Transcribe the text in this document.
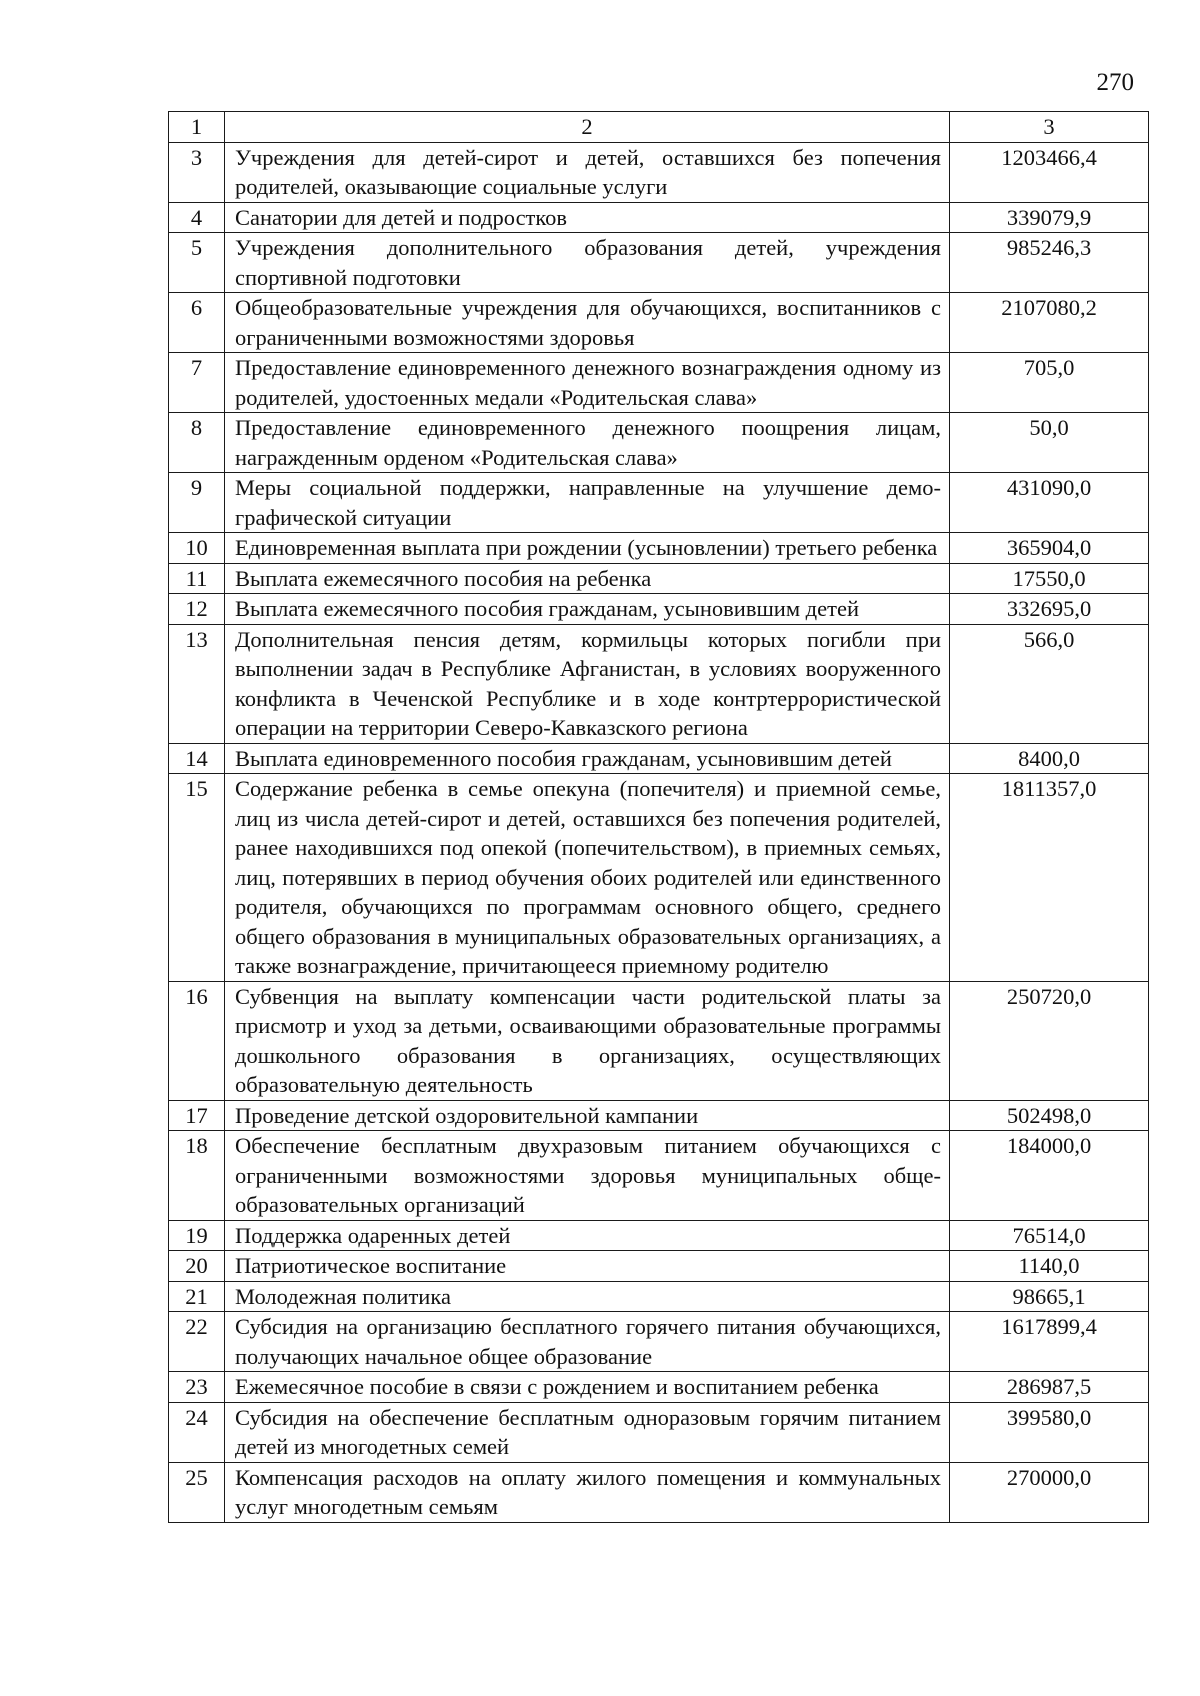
270
1	2	3
3	Учреждения для детей-сирот и детей, оставшихся без попечения родителей, оказывающие социальные услуги	1203466,4
4	Санатории для детей и подростков	339079,9
5	Учреждения дополнительного образования детей, учреждения спортивной подготовки	985246,3
6	Общеобразовательные учреждения для обучающихся, воспитанников с ограниченными возможностями здоровья	2107080,2
7	Предоставление единовременного денежного вознаграждения одному из родителей, удостоенных медали «Родительская слава»	705,0
8	Предоставление единовременного денежного поощрения лицам, награжденным орденом «Родительская слава»	50,0
9	Меры социальной поддержки, направленные на улучшение демографической ситуации	431090,0
10	Единовременная выплата при рождении (усыновлении) третьего ребенка	365904,0
11	Выплата ежемесячного пособия на ребенка	17550,0
12	Выплата ежемесячного пособия гражданам, усыновившим детей	332695,0
13	Дополнительная пенсия детям, кормильцы которых погибли при выполнении задач в Республике Афганистан, в условиях вооруженного конфликта в Чеченской Республике и в ходе контртеррористической операции на территории Северо-Кавказского региона	566,0
14	Выплата единовременного пособия гражданам, усыновившим детей	8400,0
15	Содержание ребенка в семье опекуна (попечителя) и приемной семье, лиц из числа детей-сирот и детей, оставшихся без попечения родителей, ранее находившихся под опекой (попечительством), в приемных семьях, лиц, потерявших в период обучения обоих родителей или единственного родителя, обучающихся по программам основного общего, среднего общего образования в муниципальных образовательных организациях, а также вознаграждение, причитающееся приемному родителю	1811357,0
16	Субвенция на выплату компенсации части родительской платы за присмотр и уход за детьми, осваивающими образовательные программы дошкольного образования в организациях, осуществляющих образовательную деятельность	250720,0
17	Проведение детской оздоровительной кампании	502498,0
18	Обеспечение бесплатным двухразовым питанием обучающихся с ограниченными возможностями здоровья муниципальных общеобразовательных организаций	184000,0
19	Поддержка одаренных детей	76514,0
20	Патриотическое воспитание	1140,0
21	Молодежная политика	98665,1
22	Субсидия на организацию бесплатного горячего питания обучающихся, получающих начальное общее образование	1617899,4
23	Ежемесячное пособие в связи с рождением и воспитанием ребенка	286987,5
24	Субсидия на обеспечение бесплатным одноразовым горячим питанием детей из многодетных семей	399580,0
25	Компенсация расходов на оплату жилого помещения и коммунальных услуг многодетным семьям	270000,0
